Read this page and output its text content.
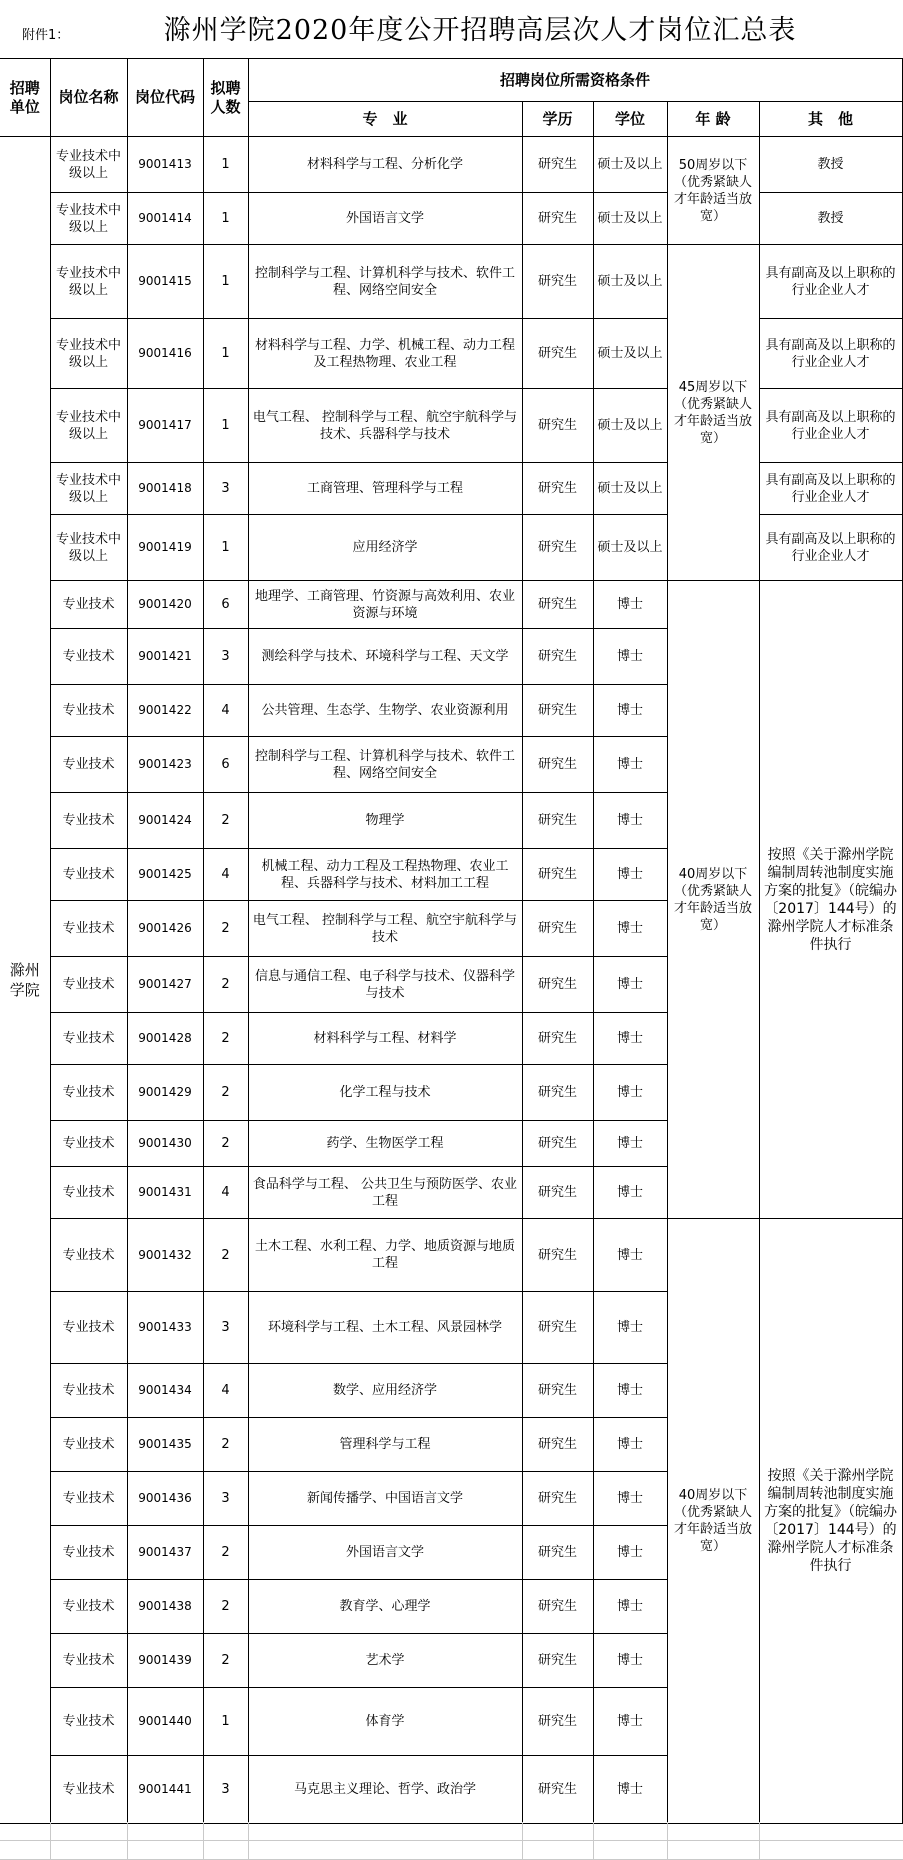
附件1：	滁州学院2020年度公开招聘高层次人才岗位汇总表
招聘单位	岗位名称	岗位代码	拟聘人数	招聘岗位所需资格条件				
				专　业	学历	学位	年 龄	其　他
滁州学院	专业技术中级以上	9001413	1	材料科学与工程、分析化学	研究生	硕士及以上	50周岁以下（优秀紧缺人才年龄适当放宽）	教授
	专业技术中级以上	9001414	1	外国语言文学	研究生	硕士及以上		教授
	专业技术中级以上	9001415	1	控制科学与工程、计算机科学与技术、软件工程、网络空间安全	研究生	硕士及以上	45周岁以下（优秀紧缺人才年龄适当放宽）	具有副高及以上职称的行业企业人才
	专业技术中级以上	9001416	1	材料科学与工程、力学、机械工程、动力工程及工程热物理、农业工程	研究生	硕士及以上		具有副高及以上职称的行业企业人才
	专业技术中级以上	9001417	1	电气工程、 控制科学与工程、航空宇航科学与技术、兵器科学与技术	研究生	硕士及以上		具有副高及以上职称的行业企业人才
	专业技术中级以上	9001418	3	工商管理、管理科学与工程	研究生	硕士及以上		具有副高及以上职称的行业企业人才
	专业技术中级以上	9001419	1	应用经济学	研究生	硕士及以上		具有副高及以上职称的行业企业人才
	专业技术	9001420	6	地理学、工商管理、竹资源与高效利用、农业资源与环境	研究生	博士	40周岁以下（优秀紧缺人才年龄适当放宽）	按照《关于滁州学院编制周转池制度实施方案的批复》（皖编办〔2017〕144号）的滁州学院人才标准条件执行
	专业技术	9001421	3	测绘科学与技术、环境科学与工程、天文学	研究生	博士		
	专业技术	9001422	4	公共管理、生态学、生物学、农业资源利用	研究生	博士		
	专业技术	9001423	6	控制科学与工程、计算机科学与技术、软件工程、网络空间安全	研究生	博士		
	专业技术	9001424	2	物理学	研究生	博士		
	专业技术	9001425	4	机械工程、动力工程及工程热物理、农业工程、兵器科学与技术、材料加工工程	研究生	博士		
	专业技术	9001426	2	电气工程、 控制科学与工程、航空宇航科学与技术	研究生	博士		
	专业技术	9001427	2	信息与通信工程、电子科学与技术、仪器科学与技术	研究生	博士		
	专业技术	9001428	2	材料科学与工程、材料学	研究生	博士		
	专业技术	9001429	2	化学工程与技术	研究生	博士		
	专业技术	9001430	2	药学、生物医学工程	研究生	博士		
	专业技术	9001431	4	食品科学与工程、 公共卫生与预防医学、农业工程	研究生	博士		
	专业技术	9001432	2	土木工程、水利工程、力学、地质资源与地质工程	研究生	博士	40周岁以下（优秀紧缺人才年龄适当放宽）	按照《关于滁州学院编制周转池制度实施方案的批复》（皖编办〔2017〕144号）的滁州学院人才标准条件执行
	专业技术	9001433	3	环境科学与工程、土木工程、风景园林学	研究生	博士		
	专业技术	9001434	4	数学、应用经济学	研究生	博士		
	专业技术	9001435	2	管理科学与工程	研究生	博士		
	专业技术	9001436	3	新闻传播学、中国语言文学	研究生	博士		
	专业技术	9001437	2	外国语言文学	研究生	博士		
	专业技术	9001438	2	教育学、心理学	研究生	博士		
	专业技术	9001439	2	艺术学	研究生	博士		
	专业技术	9001440	1	体育学	研究生	博士		
	专业技术	9001441	3	马克思主义理论、哲学、政治学	研究生	博士		
